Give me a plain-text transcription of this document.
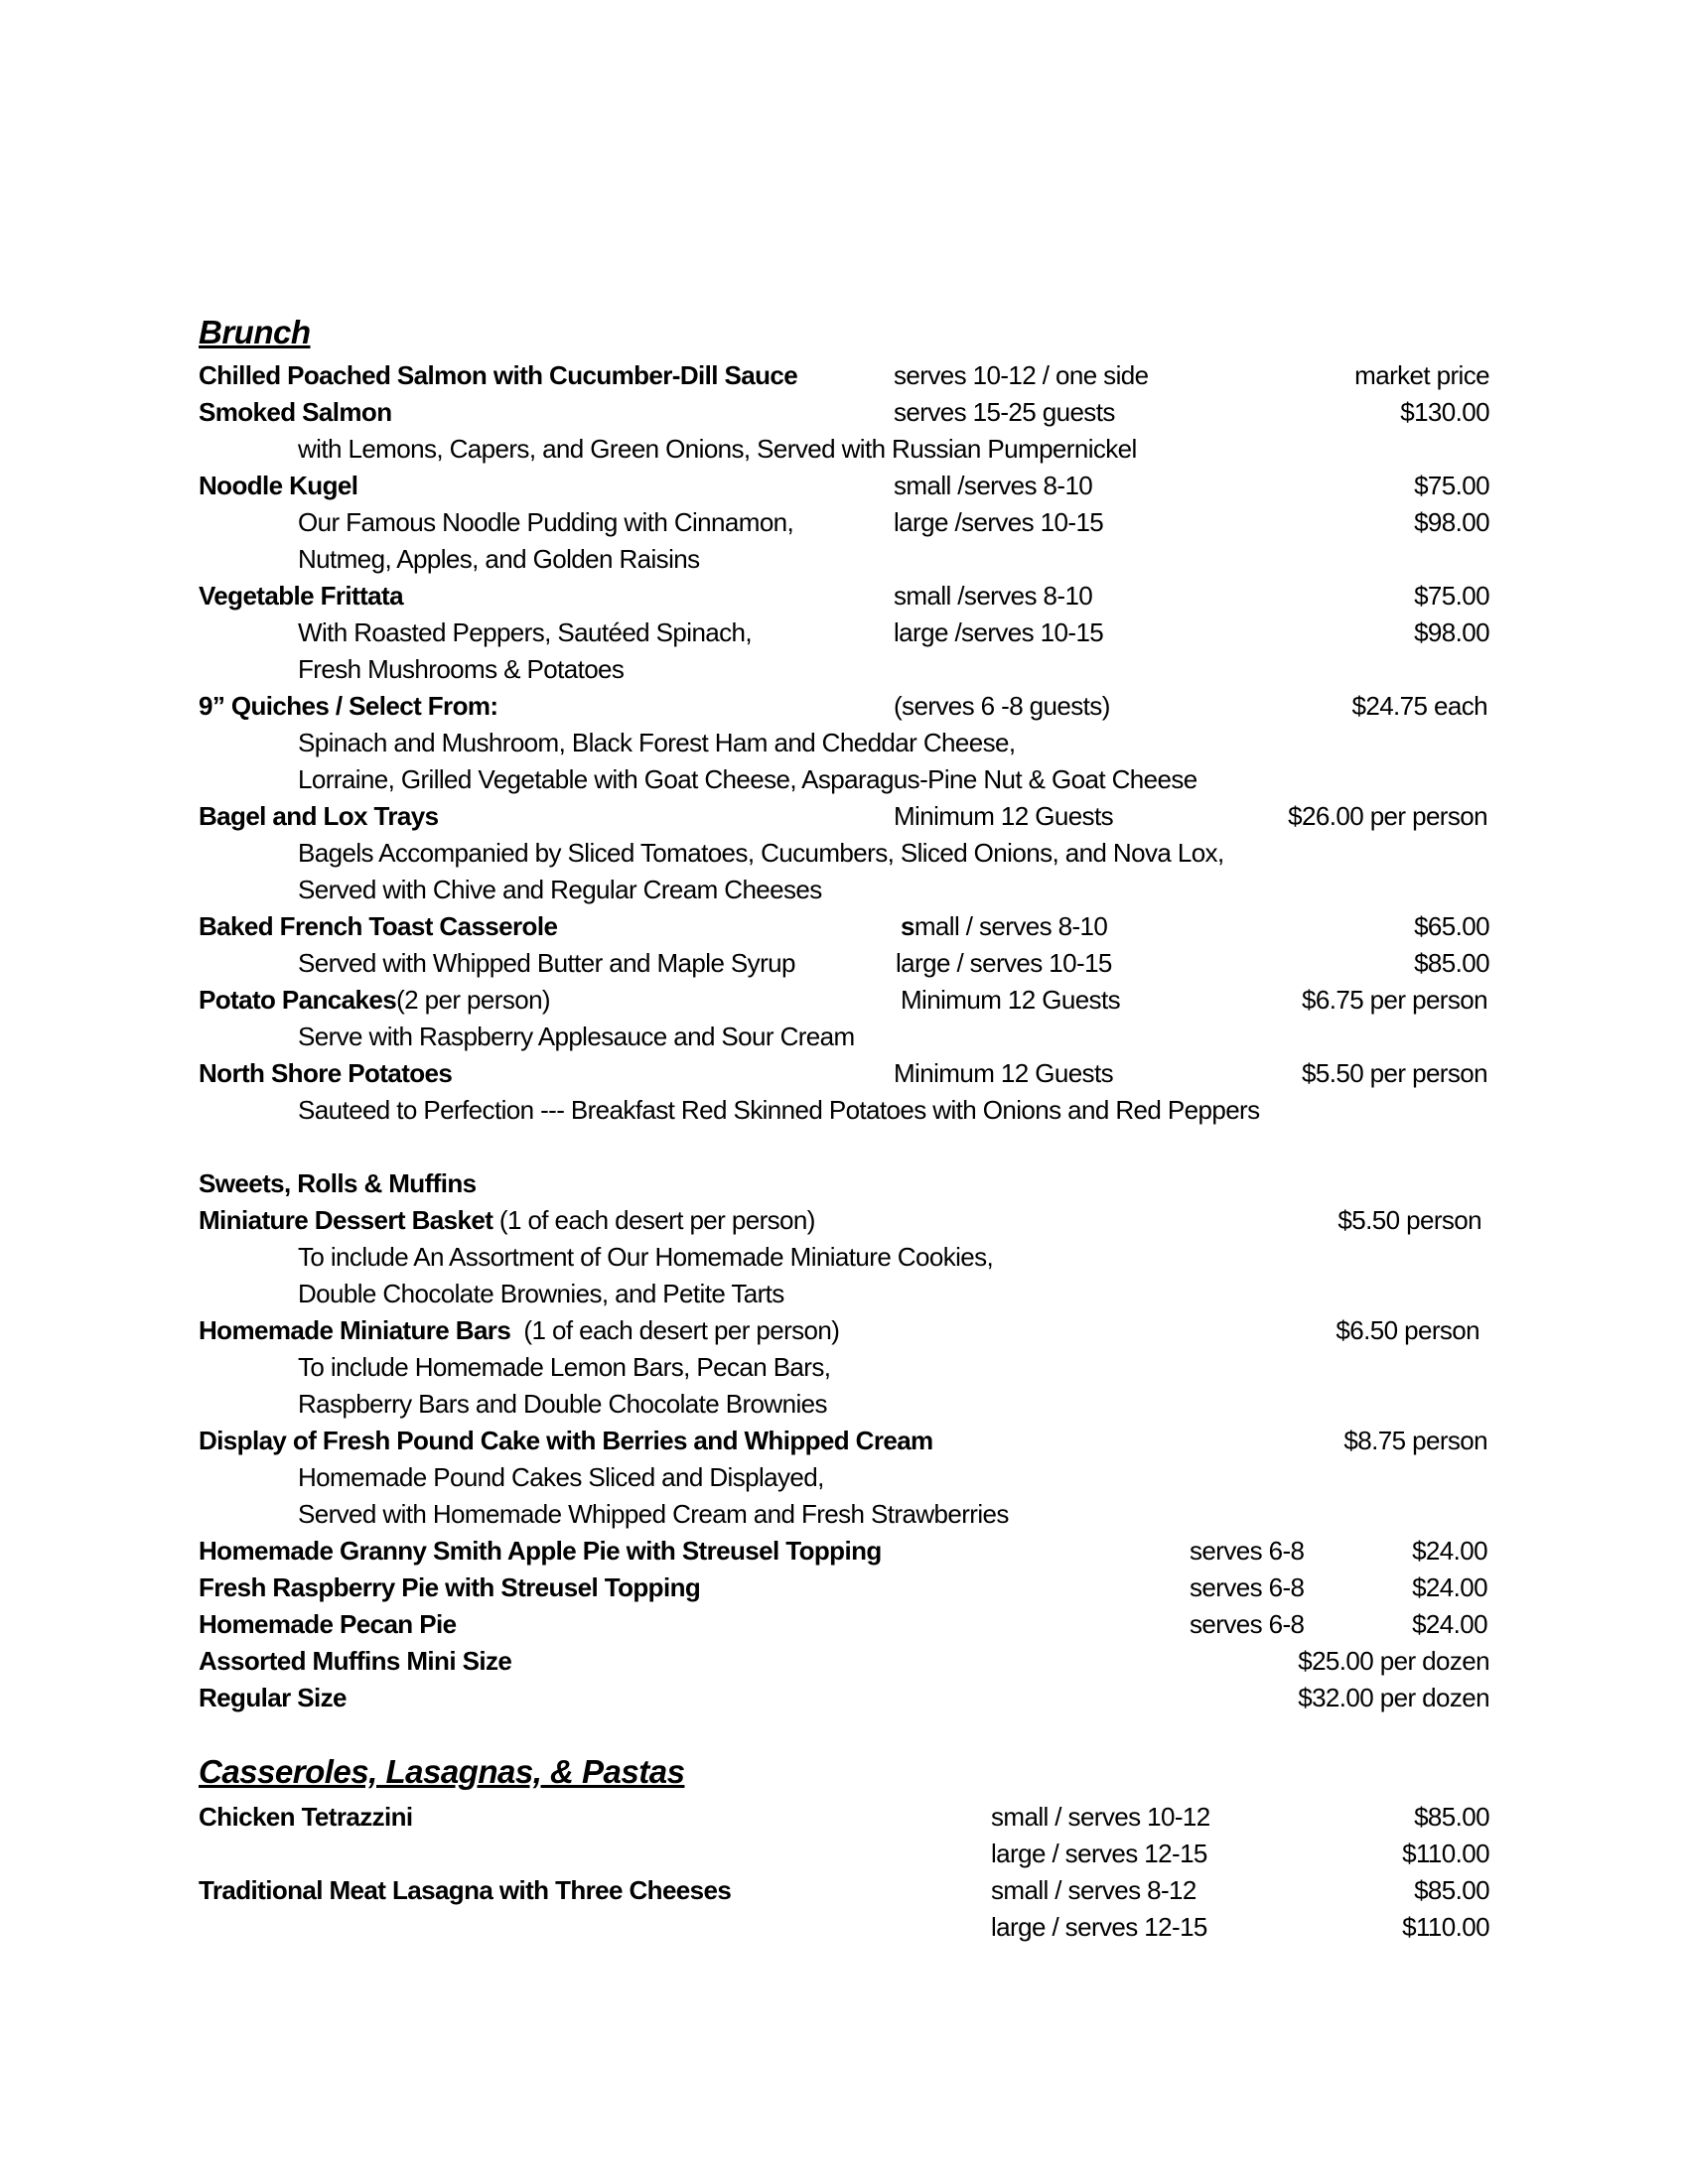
Brunch
Chilled Poached Salmon with Cucumber-Dill Sauce	serves 10-12 / one side	market price
Smoked Salmon	serves 15-25 guests	$130.00
with Lemons, Capers, and Green Onions, Served with Russian Pumpernickel
Noodle Kugel	small /serves 8-10	$75.00
Our Famous Noodle Pudding with Cinnamon,	large /serves 10-15	$98.00
Nutmeg, Apples, and Golden Raisins
Vegetable Frittata	small /serves 8-10	$75.00
With Roasted Peppers, Sautéed Spinach,	large /serves 10-15	$98.00
Fresh Mushrooms & Potatoes
9” Quiches / Select From:	(serves 6 -8 guests)	$24.75 each
Spinach and Mushroom, Black Forest Ham and Cheddar Cheese,
Lorraine, Grilled Vegetable with Goat Cheese, Asparagus-Pine Nut & Goat Cheese
Bagel and Lox Trays	Minimum 12 Guests	$26.00 per person
Bagels Accompanied by Sliced Tomatoes, Cucumbers, Sliced Onions, and Nova Lox,
Served with Chive and Regular Cream Cheeses
Baked French Toast Casserole	small / serves 8-10	$65.00
Served with Whipped Butter and Maple Syrup	large / serves 10-15	$85.00
Potato Pancakes(2 per person)	Minimum 12 Guests	$6.75 per person
Serve with Raspberry Applesauce and Sour Cream
North Shore Potatoes	Minimum 12 Guests	$5.50 per person
Sauteed to Perfection --- Breakfast Red Skinned Potatoes with Onions and Red Peppers
Sweets, Rolls & Muffins
Miniature Dessert Basket (1 of each desert per person)	$5.50 person
To include An Assortment of Our Homemade Miniature Cookies,
Double Chocolate Brownies, and Petite Tarts
Homemade Miniature Bars  (1 of each desert per person)	$6.50 person
To include Homemade Lemon Bars, Pecan Bars,
Raspberry Bars and Double Chocolate Brownies
Display of Fresh Pound Cake with Berries and Whipped Cream	$8.75 person
Homemade Pound Cakes Sliced and Displayed,
Served with Homemade Whipped Cream and Fresh Strawberries
Homemade Granny Smith Apple Pie with Streusel Topping	serves 6-8	$24.00
Fresh Raspberry Pie with Streusel Topping	serves 6-8	$24.00
Homemade Pecan Pie	serves 6-8	$24.00
Assorted Muffins Mini Size	$25.00 per dozen
Regular Size	$32.00 per dozen
Casseroles, Lasagnas, & Pastas
Chicken Tetrazzini	small / serves 10-12	$85.00
large / serves 12-15	$110.00
Traditional Meat Lasagna with Three Cheeses	small / serves 8-12	$85.00
large / serves 12-15	$110.00
